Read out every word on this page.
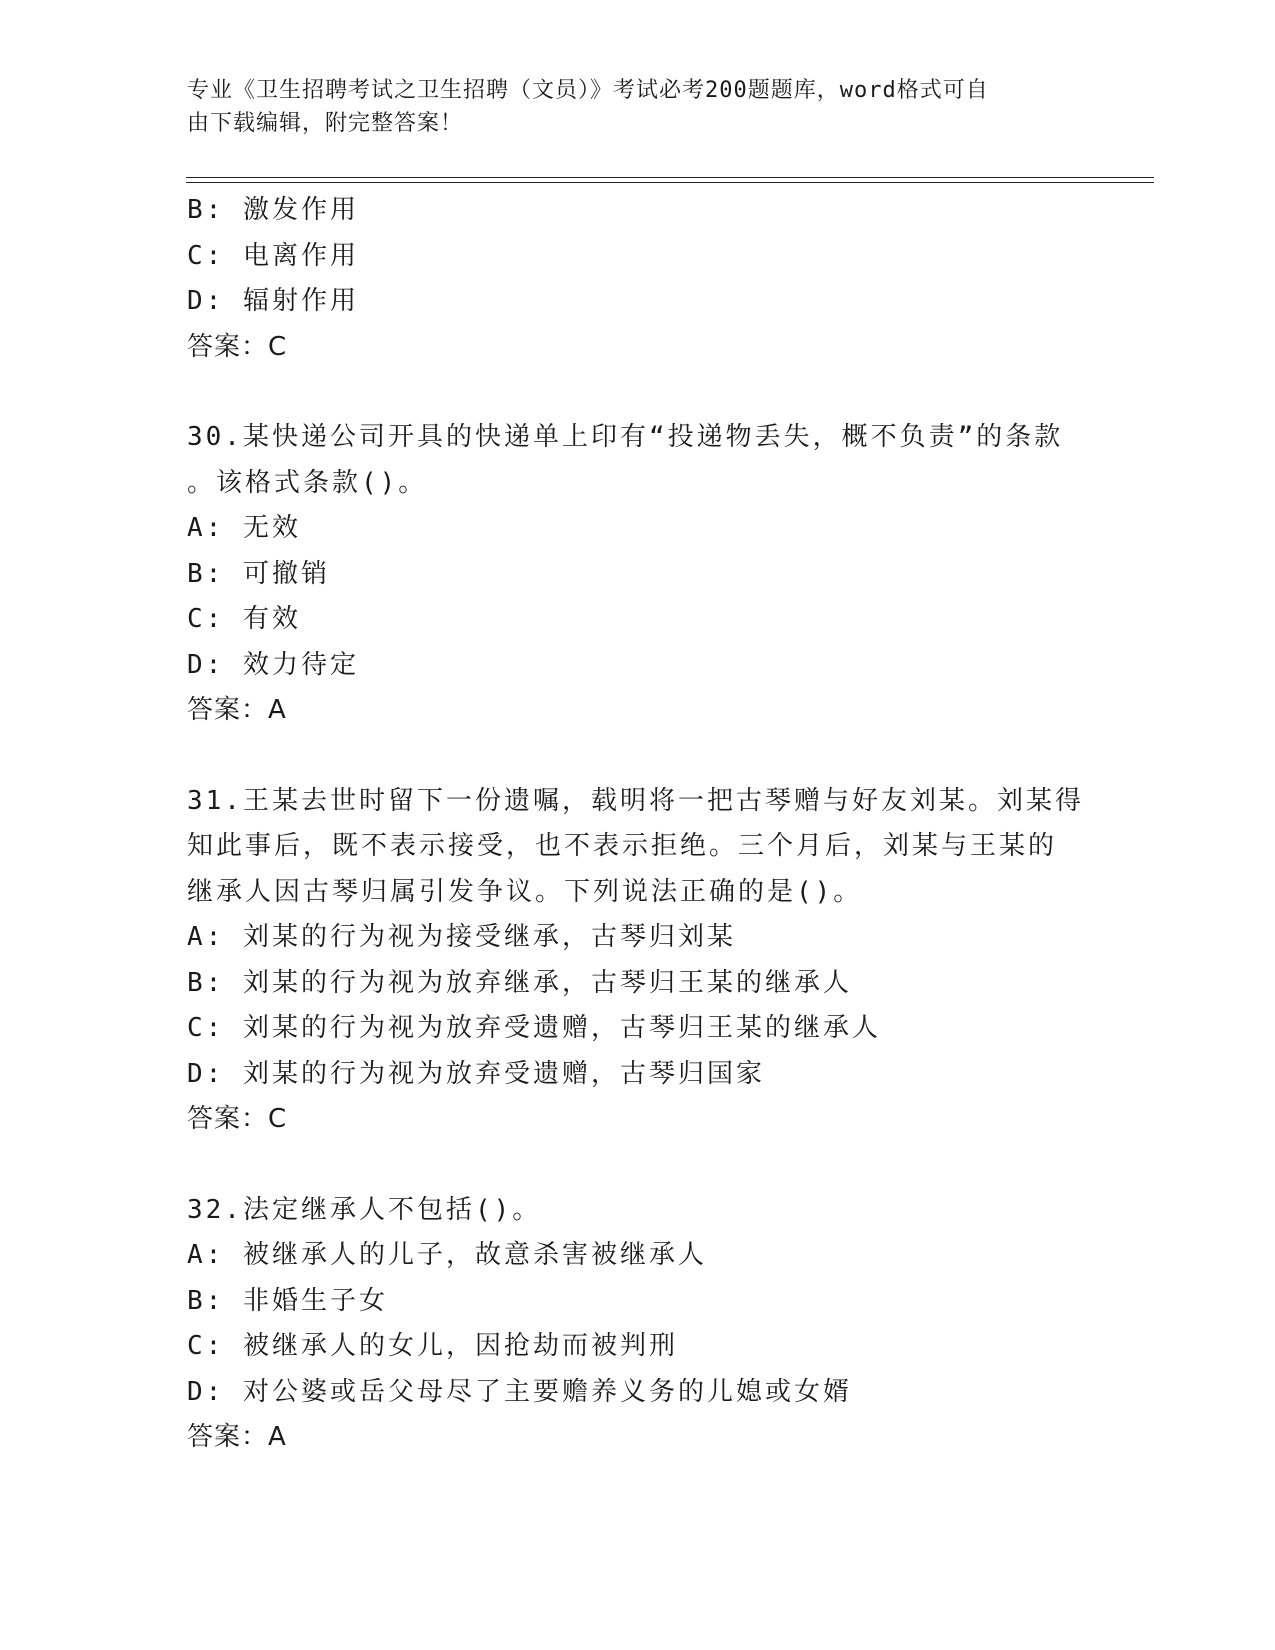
专业《卫生招聘考试之卫生招聘（文员）》考试必考200题题库，word格式可自
由下载编辑，附完整答案！
B: 激发作用
C: 电离作用
D: 辐射作用
答案：C
30.某快递公司开具的快递单上印有“投递物丢失，概不负责”的条款
。该格式条款()。
A: 无效
B: 可撤销
C: 有效
D: 效力待定
答案：A
31.王某去世时留下一份遗嘱，载明将一把古琴赠与好友刘某。刘某得
知此事后，既不表示接受，也不表示拒绝。三个月后，刘某与王某的
继承人因古琴归属引发争议。下列说法正确的是()。
A: 刘某的行为视为接受继承，古琴归刘某
B: 刘某的行为视为放弃继承，古琴归王某的继承人
C: 刘某的行为视为放弃受遗赠，古琴归王某的继承人
D: 刘某的行为视为放弃受遗赠，古琴归国家
答案：C
32.法定继承人不包括()。
A: 被继承人的儿子，故意杀害被继承人
B: 非婚生子女
C: 被继承人的女儿，因抢劫而被判刑
D: 对公婆或岳父母尽了主要赡养义务的儿媳或女婿
答案：A
